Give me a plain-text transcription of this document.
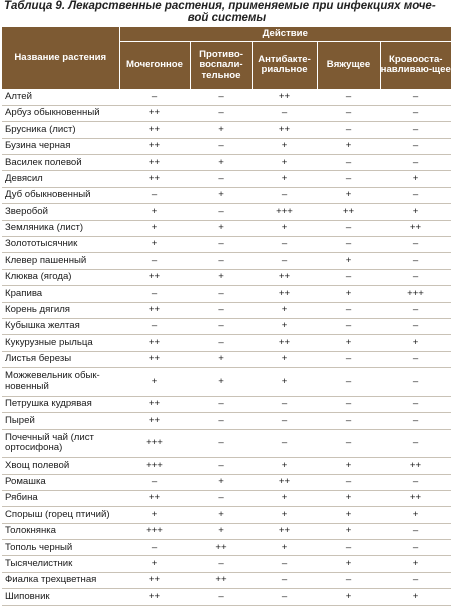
Таблица 9. Лекарственные растения, применяемые при инфекциях моче-
вой системы
Название растения	Действие				
	Мочегонное	Противо-воспали-тельное	Антибакте-риальное	Вяжущее	Кровооста-навливаю-щее
Алтей	–	–	++	–	–
Арбуз обыкновенный	++	–	–	–	–
Брусника (лист)	++	+	++	–	–
Бузина черная	++	–	+	+	–
Василек полевой	++	+	+	–	–
Девясил	++	–	+	–	+
Дуб обыкновенный	–	+	–	+	–
Зверобой	+	–	+++	++	+
Земляника (лист)	+	+	+	–	++
Золототысячник	+	–	–	–	–
Клевер пашенный	–	–	–	+	–
Клюква (ягода)	++	+	++	–	–
Крапива	–	–	++	+	+++
Корень дягиля	++	–	+	–	–
Кубышка желтая	–	–	+	–	–
Кукурузные рыльца	++	–	++	+	+
Листья березы	++	+	+	–	–
Можжевельник обык-новенный	+	+	+	–	–
Петрушка кудрявая	++	–	–	–	–
Пырей	++	–	–	–	–
Почечный чай (лист ортосифона)	+++	–	–	–	–
Хвощ полевой	+++	–	+	+	++
Ромашка	–	+	++	–	–
Рябина	++	–	+	+	++
Спорыш (горец птичий)	+	+	+	+	+
Толокнянка	+++	+	++	+	–
Тополь черный	–	++	+	–	–
Тысячелистник	+	–	–	+	+
Фиалка трехцветная	++	++	–	–	–
Шиповник	++	–	–	+	+
